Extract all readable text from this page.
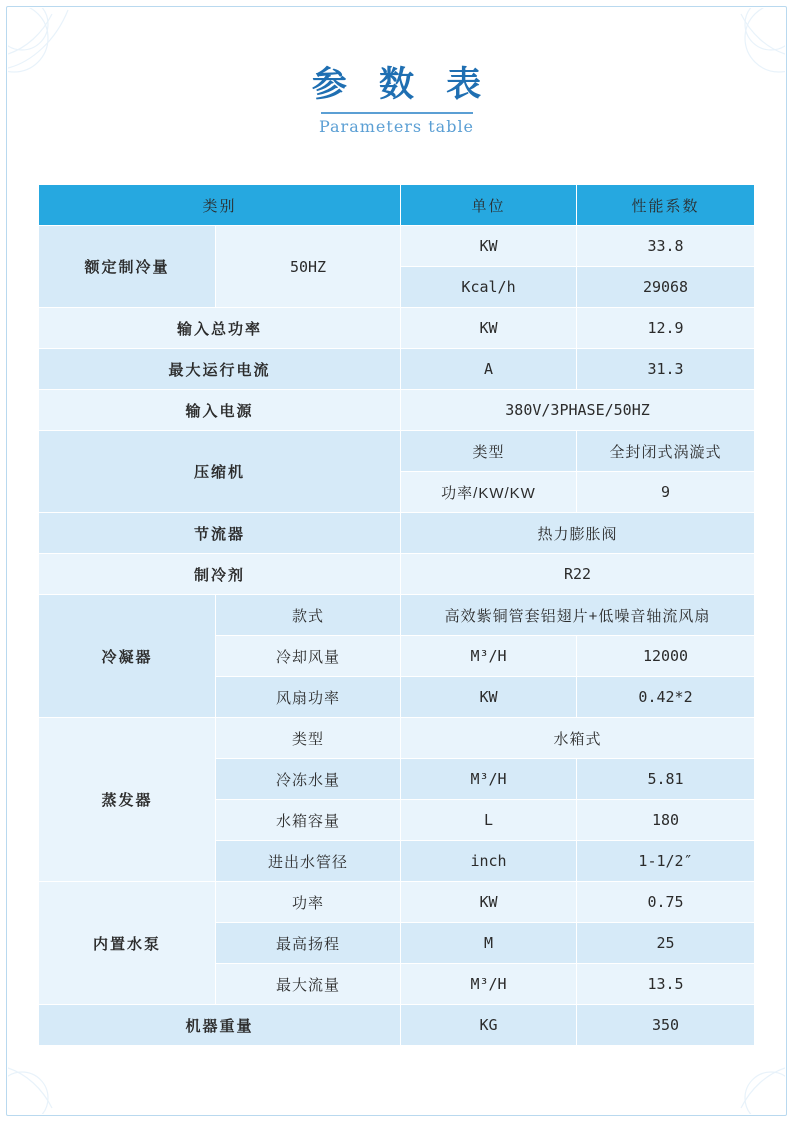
参 数 表
Parameters table
类别		单位	性能系数
额定制冷量	50HZ	KW	33.8
		Kcal/h	29068
输入总功率		KW	12.9
最大运行电流		A	31.3
输入电源		380V/3PHASE/50HZ	
压缩机		类型	全封闭式涡漩式
		功率/KW/KW	9
节流器		热力膨胀阀	
制冷剂		R22	
冷凝器	款式	高效紫铜管套铝翅片+低噪音轴流风扇	
	冷却风量	M³/H	12000
	风扇功率	KW	0.42*2
蒸发器	类型	水箱式	
	冷冻水量	M³/H	5.81
	水箱容量	L	180
	进出水管径	inch	1-1/2″
内置水泵	功率	KW	0.75
	最高扬程	M	25
	最大流量	M³/H	13.5
机器重量		KG	350
